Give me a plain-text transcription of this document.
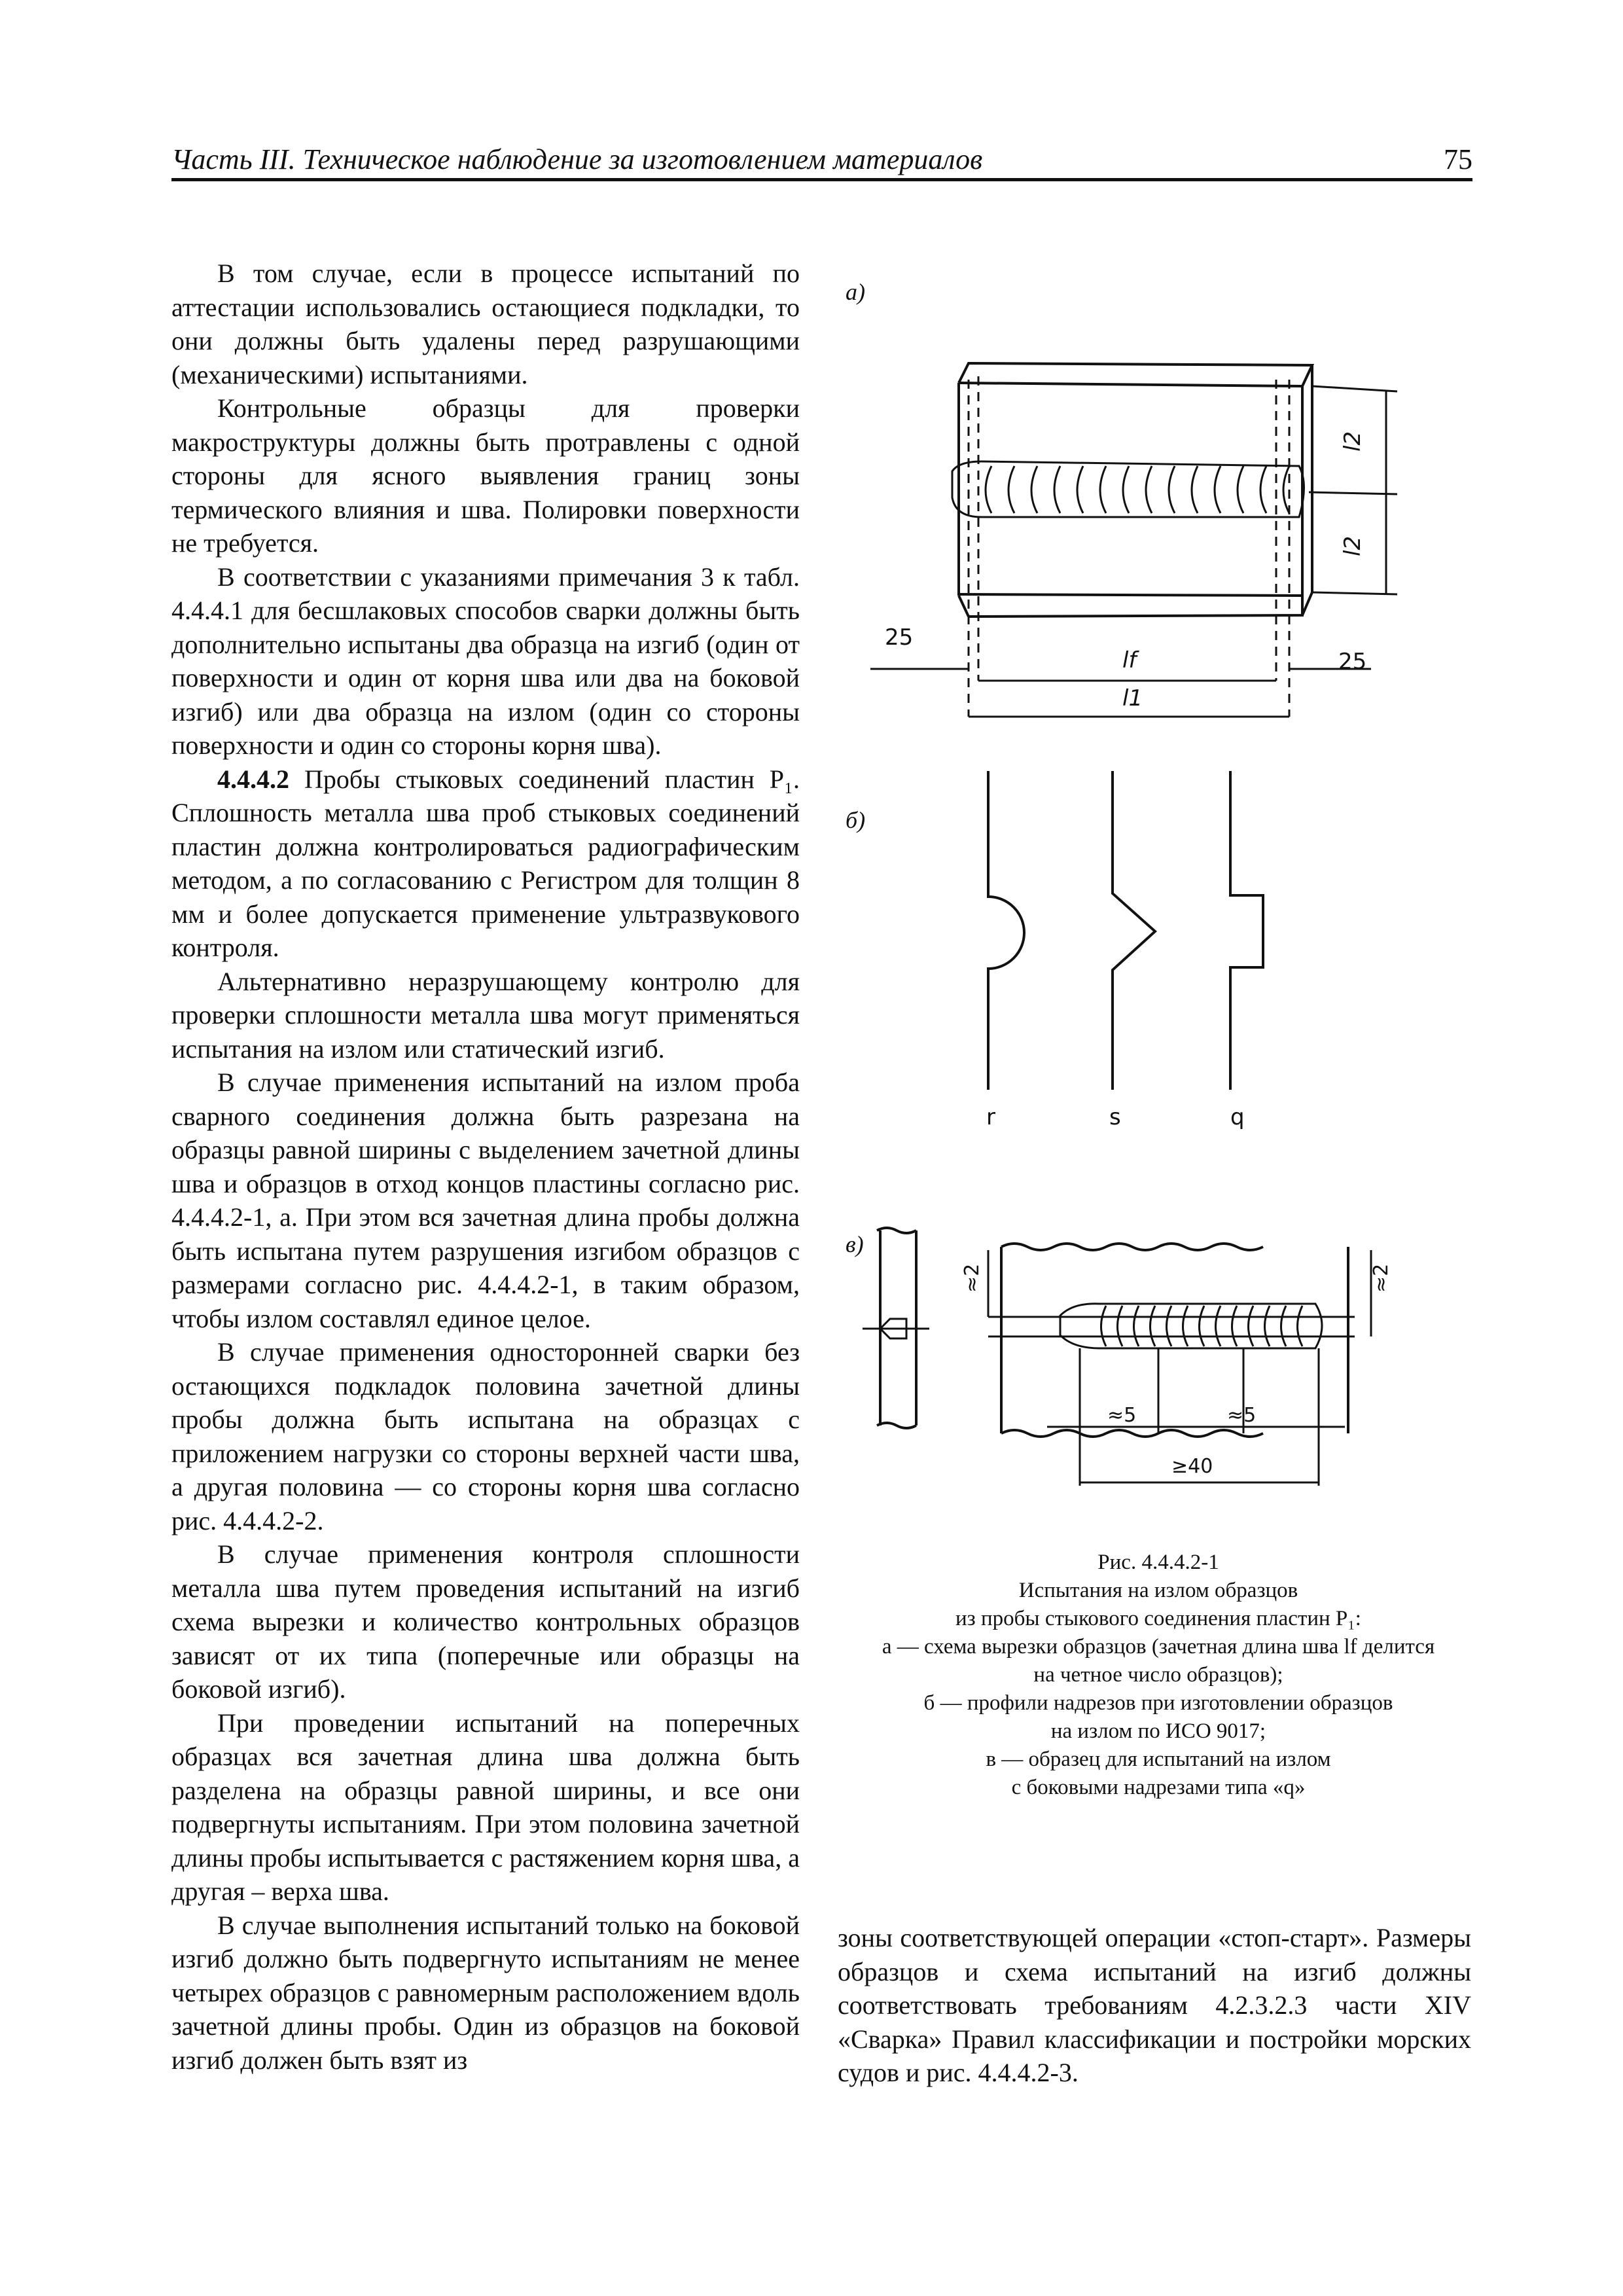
Часть III. Техническое наблюдение за изготовлением материалов	75

В том случае, если в процессе испытаний по аттестации использовались остающиеся подкладки, то они должны быть удалены перед разрушающими (механическими) испытаниями.

Контрольные образцы для проверки макроструктуры должны быть протравлены с одной стороны для ясного выявления границ зоны термического влияния и шва. Полировки поверхности не требуется.

В соответствии с указаниями примечания 3 к табл. 4.4.4.1 для бесшлаковых способов сварки должны быть дополнительно испытаны два образца на изгиб (один от поверхности и один от корня шва или два на боковой изгиб) или два образца на излом (один со стороны поверхности и один со стороны корня шва).

4.4.4.2 Пробы стыковых соединений пластин P₁. Сплошность металла шва проб стыковых соединений пластин должна контролироваться радиографическим методом, а по согласованию с Регистром для толщин 8 мм и более допускается применение ультразвукового контроля.

Альтернативно неразрушающему контролю для проверки сплошности металла шва могут применяться испытания на излом или статический изгиб.

В случае применения испытаний на излом проба сварного соединения должна быть разрезана на образцы равной ширины с выделением зачетной длины шва и образцов в отход концов пластины согласно рис. 4.4.4.2-1, а. При этом вся зачетная длина пробы должна быть испытана путем разрушения изгибом образцов с размерами согласно рис. 4.4.4.2-1, в таким образом, чтобы излом составлял единое целое.

В случае применения односторонней сварки без остающихся подкладок половина зачетной длины пробы должна быть испытана на образцах с приложением нагрузки со стороны верхней части шва, а другая половина — со стороны корня шва согласно рис. 4.4.4.2-2.

В случае применения контроля сплошности металла шва путем проведения испытаний на изгиб схема вырезки и количество контрольных образцов зависят от их типа (поперечные или образцы на боковой изгиб).

При проведении испытаний на поперечных образцах вся зачетная длина шва должна быть разделена на образцы равной ширины, и все они подвергнуты испытаниям. При этом половина зачетной длины пробы испытывается с растяжением корня шва, а другая – верха шва.

В случае выполнения испытаний только на боковой изгиб должно быть подвергнуто испытаниям не менее четырех образцов с равномерным расположением вдоль зачетной длины пробы. Один из образцов на боковой изгиб должен быть взят из

зоны соответствующей операции «стоп-старт». Размеры образцов и схема испытаний на изгиб должны соответствовать требованиям 4.2.3.2.3 части XIV «Сварка» Правил классификации и постройки морских судов и рис. 4.4.4.2-3.

а)
б)
в)
25
25
lf
l1
l2
l2
r	s	q
≈2	≈2
≈5	≈5
≥40
Рис. 4.4.4.2-1
Испытания на излом образцов
из пробы стыкового соединения пластин P₁:
а — схема вырезки образцов (зачетная длина шва lf делится
на четное число образцов);
б — профили надрезов при изготовлении образцов
на излом по ИСО 9017;
в — образец для испытаний на излом
с боковыми надрезами типа «q»
